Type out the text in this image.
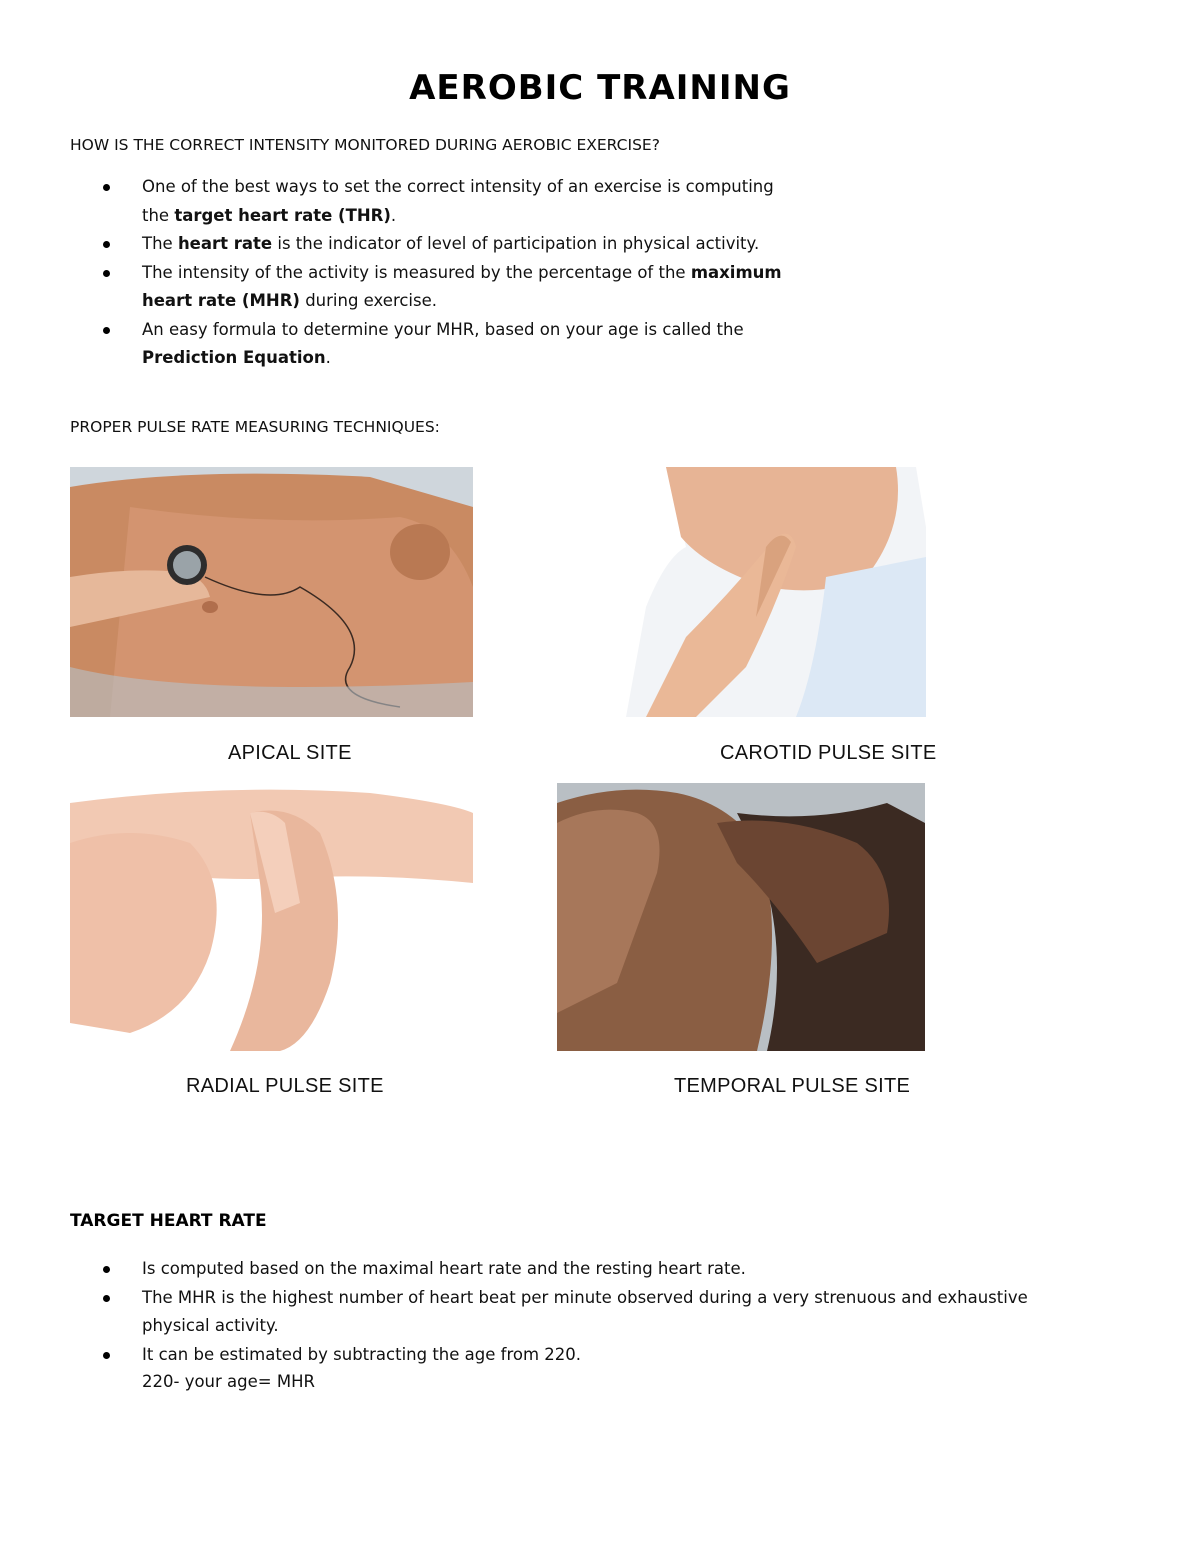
AEROBIC TRAINING
HOW IS THE CORRECT INTENSITY MONITORED DURING AEROBIC EXERCISE?
One of the best ways to set the correct intensity of an exercise is computing
the target heart rate (THR).
The heart rate is the indicator of level of participation in physical activity.
The intensity of the activity is measured by the percentage of the maximum
heart rate (MHR) during exercise.
An easy formula to determine your MHR, based on your age is called the
Prediction Equation.
PROPER PULSE RATE MEASURING TECHNIQUES:
APICAL SITE	CAROTID PULSE SITE
RADIAL PULSE SITE	TEMPORAL PULSE SITE
TARGET HEART RATE
Is computed based on the maximal heart rate and the resting heart rate.
The MHR is the highest number of heart beat per minute observed during a very strenuous and exhaustive
physical activity.
It can be estimated by subtracting the age from 220.
220- your age= MHR
